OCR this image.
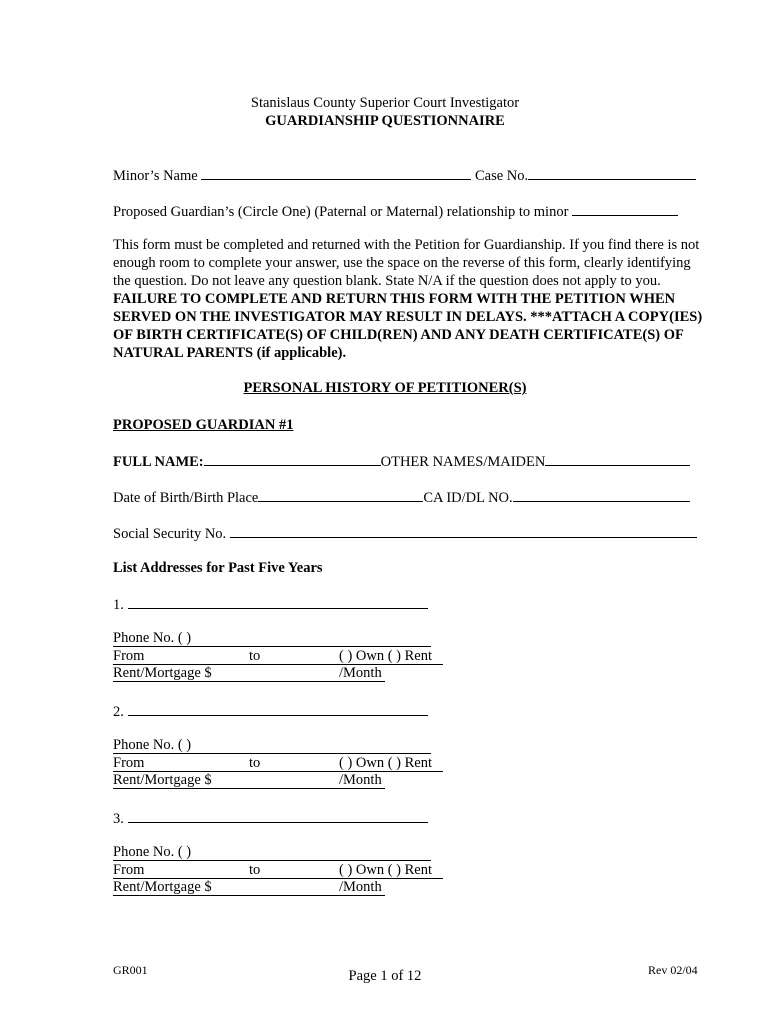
Stanislaus County Superior Court Investigator
GUARDIANSHIP QUESTIONNAIRE
Minor’s Name	Case No.
Proposed Guardian’s (Circle One) (Paternal or Maternal) relationship to minor
This form must be completed and returned with the Petition for Guardianship. If you find there is not enough room to complete your answer, use the space on the reverse of this form, clearly identifying the question. Do not leave any question blank. State N/A if the question does not apply to you. FAILURE TO COMPLETE AND RETURN THIS FORM WITH THE PETITION WHEN SERVED ON THE INVESTIGATOR MAY RESULT IN DELAYS. ***ATTACH A COPY(IES) OF BIRTH CERTIFICATE(S) OF CHILD(REN) AND ANY DEATH CERTIFICATE(S) OF NATURAL PARENTS (if applicable).
PERSONAL HISTORY OF PETITIONER(S)
PROPOSED GUARDIAN #1
FULL NAME:	OTHER NAMES/MAIDEN
Date of Birth/Birth Place	CA ID/DL NO.
Social Security No.
List Addresses for Past Five Years
1.
Phone No. ( )
From	to	( ) Own ( ) Rent
Rent/Mortgage $	/Month
2.
Phone No. ( )
From	to	( ) Own ( ) Rent
Rent/Mortgage $	/Month
3.
Phone No. ( )
From	to	( ) Own ( ) Rent
Rent/Mortgage $	/Month
GR001	Page 1 of 12	Rev 02/04
